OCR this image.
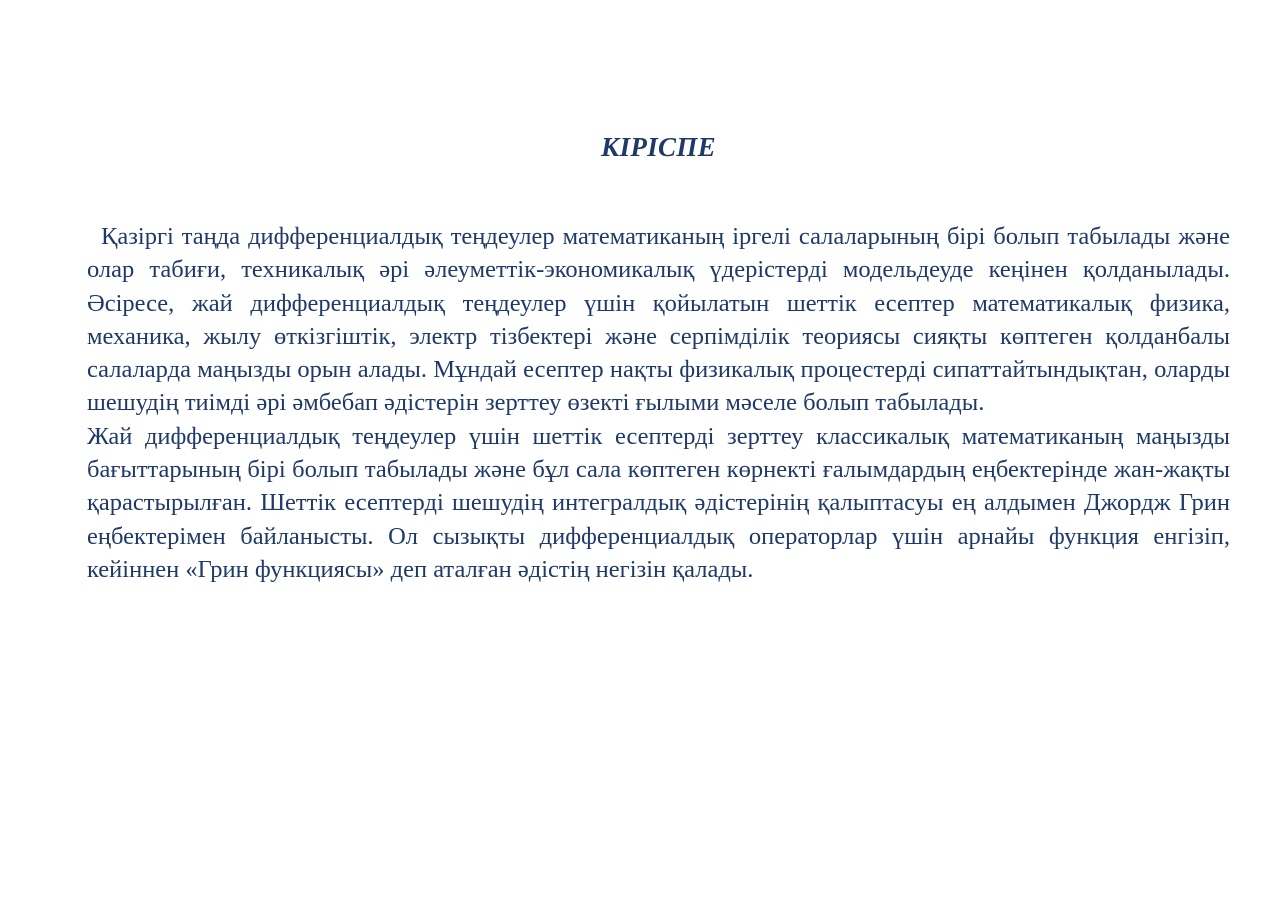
КІРІСПЕ

Қазіргі таңда дифференциалдық теңдеулер математиканың іргелі салаларының бірі болып табылады және олар табиғи, техникалық әрі әлеуметтік-экономикалық үдерістерді модельдеуде кеңінен қолданылады. Әсіресе, жай дифференциалдық теңдеулер үшін қойылатын шеттік есептер математикалық физика, механика, жылу өткізгіштік, электр тізбектері және серпімділік теориясы сияқты көптеген қолданбалы салаларда маңызды орын алады. Мұндай есептер нақты физикалық процестерді сипаттайтындықтан, оларды шешудің тиімді әрі әмбебап әдістерін зерттеу өзекті ғылыми мәселе болып табылады.

Жай дифференциалдық теңдеулер үшін шеттік есептерді зерттеу классикалық математиканың маңызды бағыттарының бірі болып табылады және бұл сала көптеген көрнекті ғалымдардың еңбектерінде жан-жақты қарастырылған. Шеттік есептерді шешудің интегралдық әдістерінің қалыптасуы ең алдымен Джордж Грин еңбектерімен байланысты. Ол сызықты дифференциалдық операторлар үшін арнайы функция енгізіп, кейіннен «Грин функциясы» деп аталған әдістің негізін қалады.
